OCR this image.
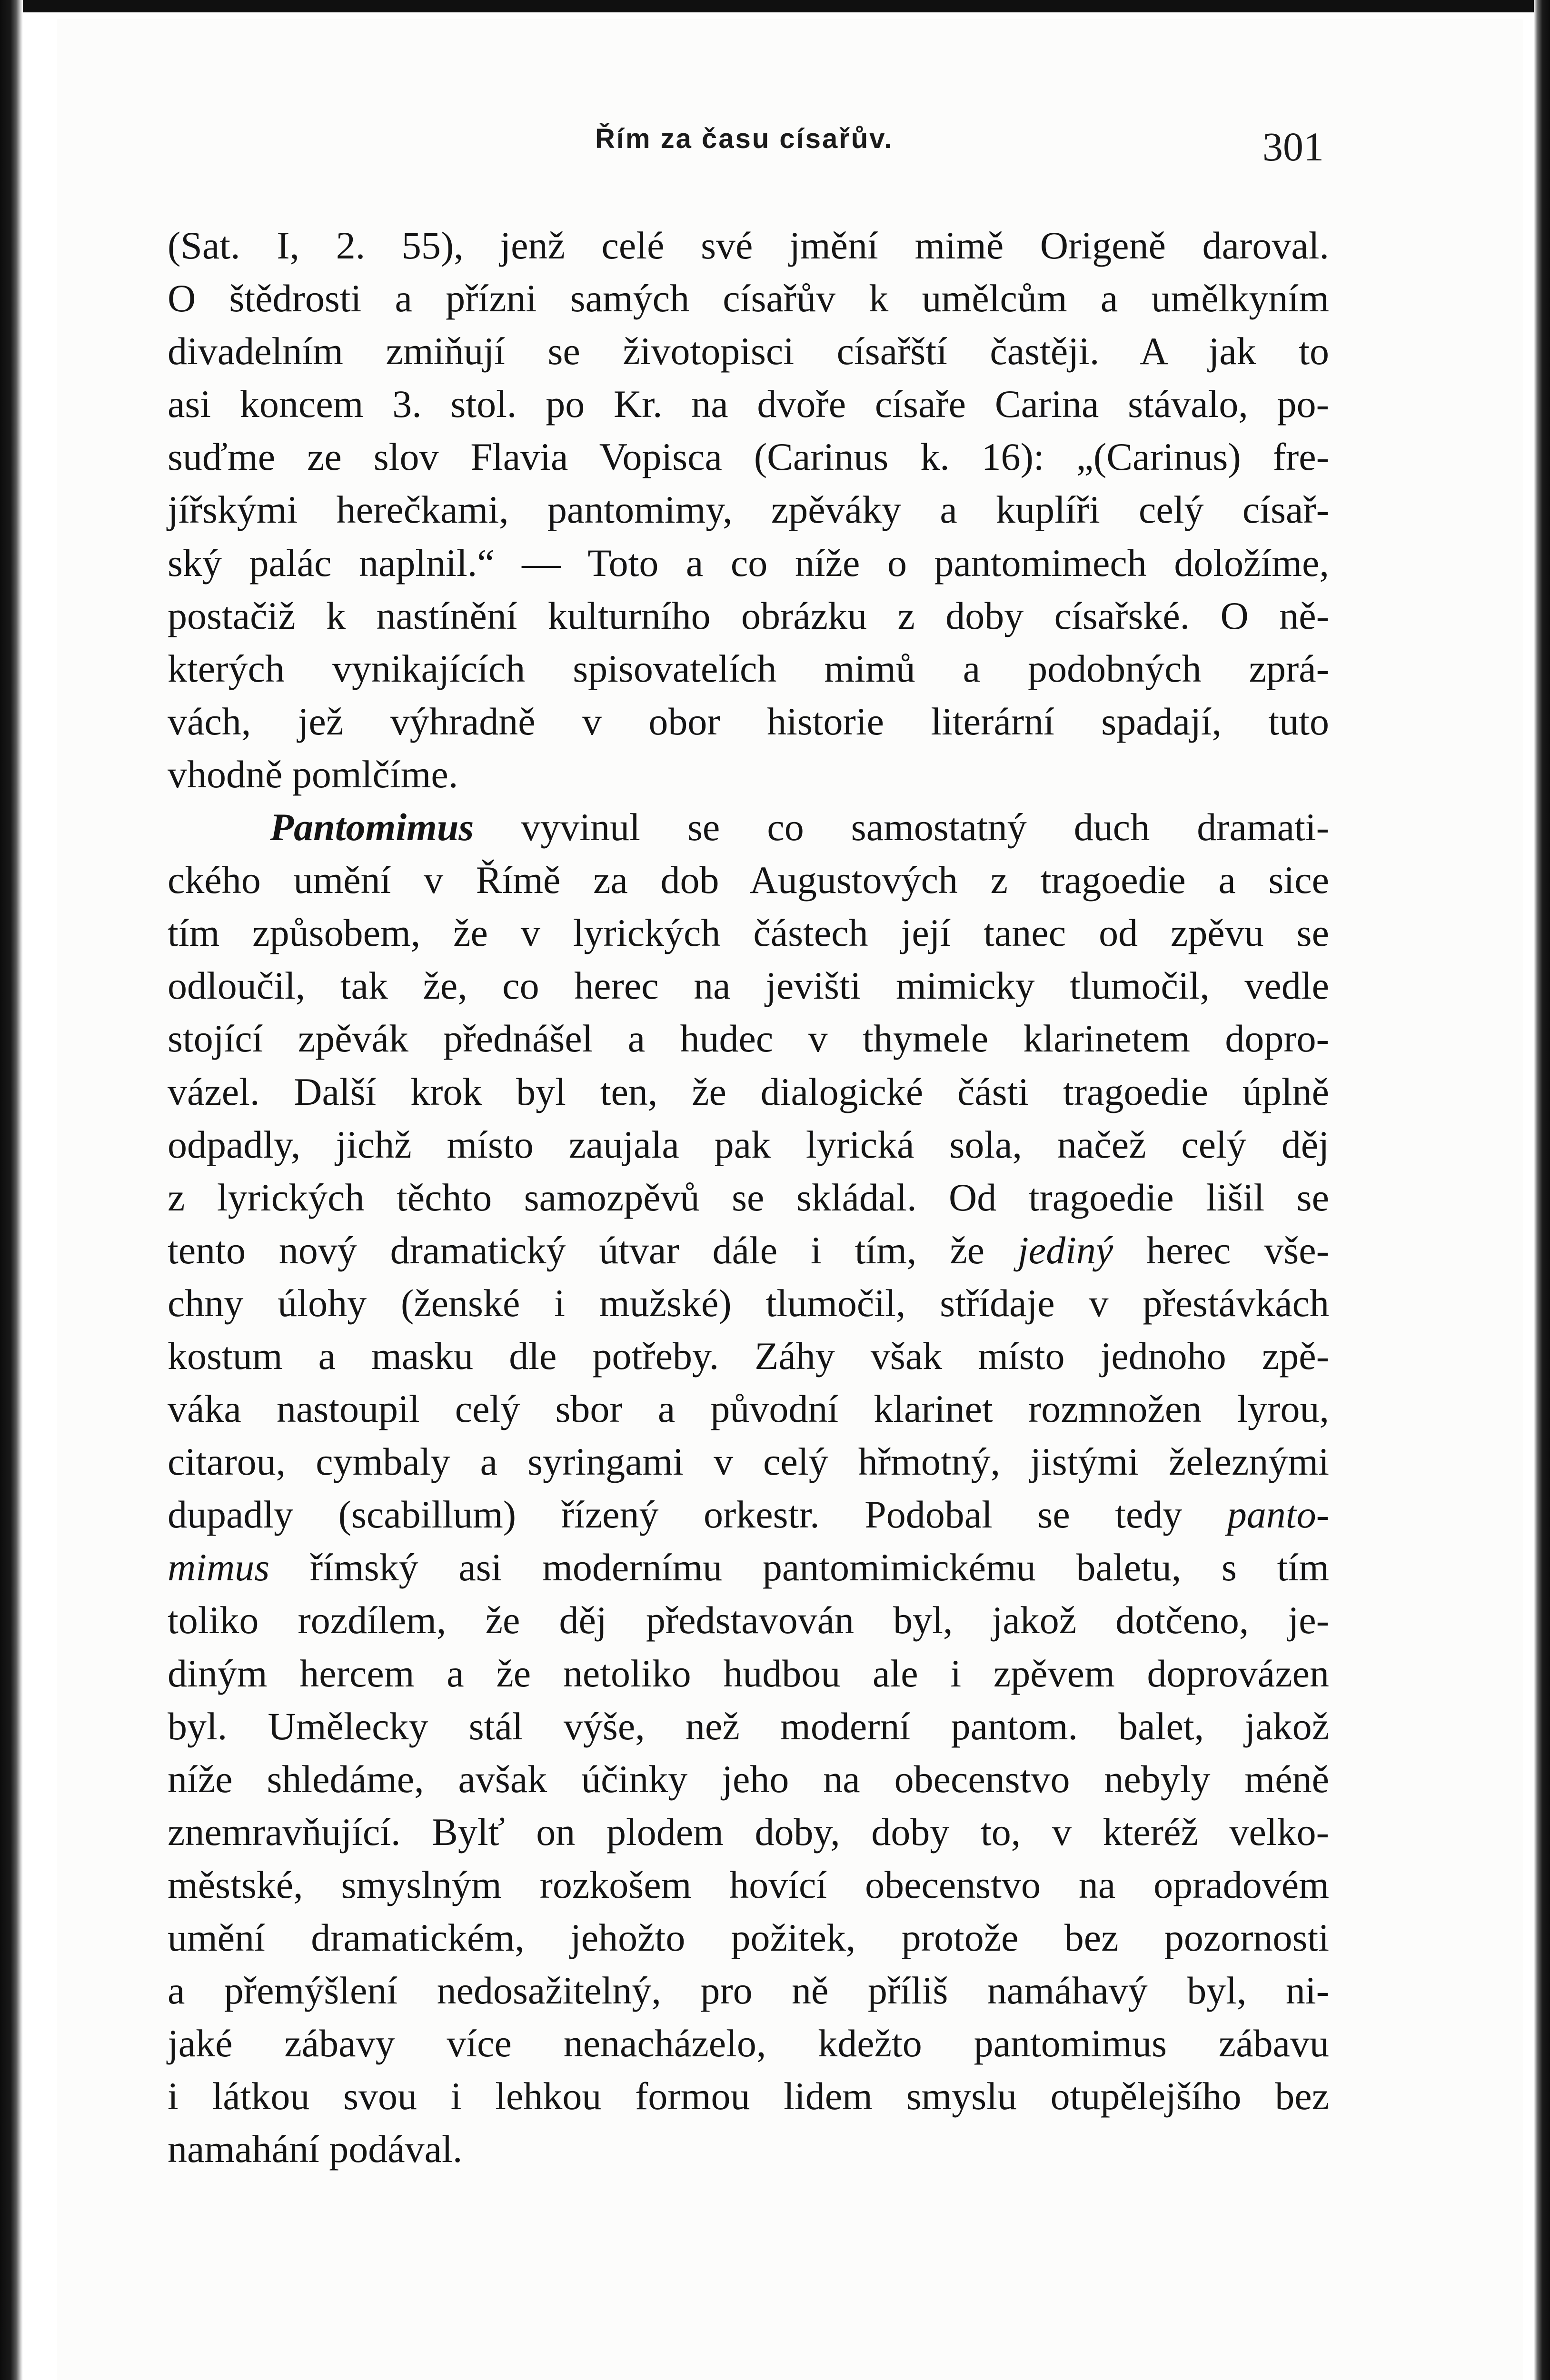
Řím za času císařův.	301
(Sat. I, 2. 55), jenž celé své jmění mimě Origeně daroval.
O štědrosti a přízni samých císařův k umělcům a umělkyním
divadelním zmiňují se životopisci císařští častěji. A jak to
asi koncem 3. stol. po Kr. na dvoře císaře Carina stávalo, po-
suďme ze slov Flavia Vopisca (Carinus k. 16): „(Carinus) fre-
jířskými herečkami, pantomimy, zpěváky a kuplíři celý císař-
ský palác naplnil.“ — Toto a co níže o pantomimech doložíme,
postačiž k nastínění kulturního obrázku z doby císařské. O ně-
kterých vynikajících spisovatelích mimů a podobných zprá-
vách, jež výhradně v obor historie literární spadají, tuto
vhodně pomlčíme.
Pantomimus vyvinul se co samostatný duch dramati-
ckého umění v Římě za dob Augustových z tragoedie a sice
tím způsobem, že v lyrických částech její tanec od zpěvu se
odloučil, tak že, co herec na jevišti mimicky tlumočil, vedle
stojící zpěvák přednášel a hudec v thymele klarinetem dopro-
vázel. Další krok byl ten, že dialogické části tragoedie úplně
odpadly, jichž místo zaujala pak lyrická sola, načež celý děj
z lyrických těchto samozpěvů se skládal. Od tragoedie lišil se
tento nový dramatický útvar dále i tím, že jediný herec vše-
chny úlohy (ženské i mužské) tlumočil, střídaje v přestávkách
kostum a masku dle potřeby. Záhy však místo jednoho zpě-
váka nastoupil celý sbor a původní klarinet rozmnožen lyrou,
citarou, cymbaly a syringami v celý hřmotný, jistými železnými
dupadly (scabillum) řízený orkestr. Podobal se tedy panto-
mimus římský asi modernímu pantomimickému baletu, s tím
toliko rozdílem, že děj představován byl, jakož dotčeno, je-
diným hercem a že netoliko hudbou ale i zpěvem doprovázen
byl. Umělecky stál výše, než moderní pantom. balet, jakož
níže shledáme, avšak účinky jeho na obecenstvo nebyly méně
znemravňující. Bylť on plodem doby, doby to, v kteréž velko-
městské, smyslným rozkošem hovící obecenstvo na opradovém
umění dramatickém, jehožto požitek, protože bez pozornosti
a přemýšlení nedosažitelný, pro ně příliš namáhavý byl, ni-
jaké zábavy více nenacházelo, kdežto pantomimus zábavu
i látkou svou i lehkou formou lidem smyslu otupělejšího bez
namahání podával.
